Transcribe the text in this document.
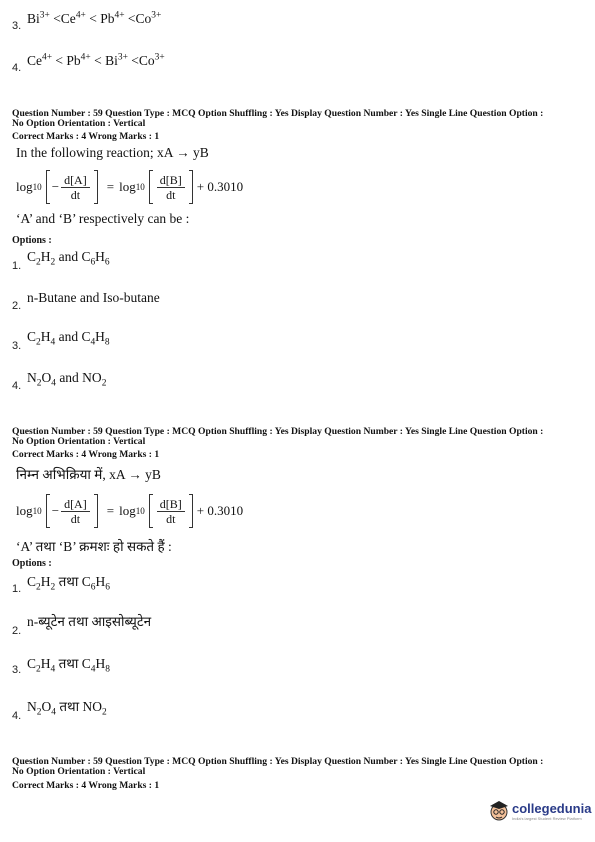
3. $Bi^{3+} <Ce^{4+} < Pb^{4+} <Co^{3+}$
4. $Ce^{4+} < Pb^{4+} < Bi^{3+} <Co^{3+}$
Question Number : 59 Question Type : MCQ Option Shuffling : Yes Display Question Number : Yes Single Line Question Option :
No Option Orientation : Vertical
Correct Marks : 4 Wrong Marks : 1
In the following reaction; xA → yB
$\log 10 - \frac{d[A]}{dt} = \log 10 \frac{d[B]}{dt} + 0.3010$
‘A’ and ‘B’ respectively can be :
Options :
1.
$C_2H_2$ and $C_6H_6$
2.
n-Butane and Iso-butane
3.
$C_2H_4$ and $C_4H_8$
4.
$N_2O_4$ and $NO_2$
Question Number : 59 Question Type : MCQ Option Shuffling : Yes Display Question Number : Yes Single Line Question Option :
No Option Orientation : Vertical
Correct Marks : 4 Wrong Marks : 1
निम्न अभिक्रिया में, xA → yB
$\log 10 - \frac{d[A]}{dt} = \log 10 \frac{d[B]}{dt} + 0.3010$
‘A’ तथा ‘B’ क्रमशः हो सकते हैं :
Options :
1. $C_2H_2$ तथा $C_6H_6$
2.
n-ब्यूटेन तथा आइसोब्यूटेन
3. $C_2H_4$ तथा $C_4H_8$
4.
$N_2O_4$ तथा $NO_2$
Question Number : 59 Question Type : MCQ Option Shuffling : Yes Display Question Number : Yes Single Line Question Option :
No Option Orientation : Vertical
Correct Marks : 4 Wrong Marks : 1
collegedunia
India's largest Student Review Platform
